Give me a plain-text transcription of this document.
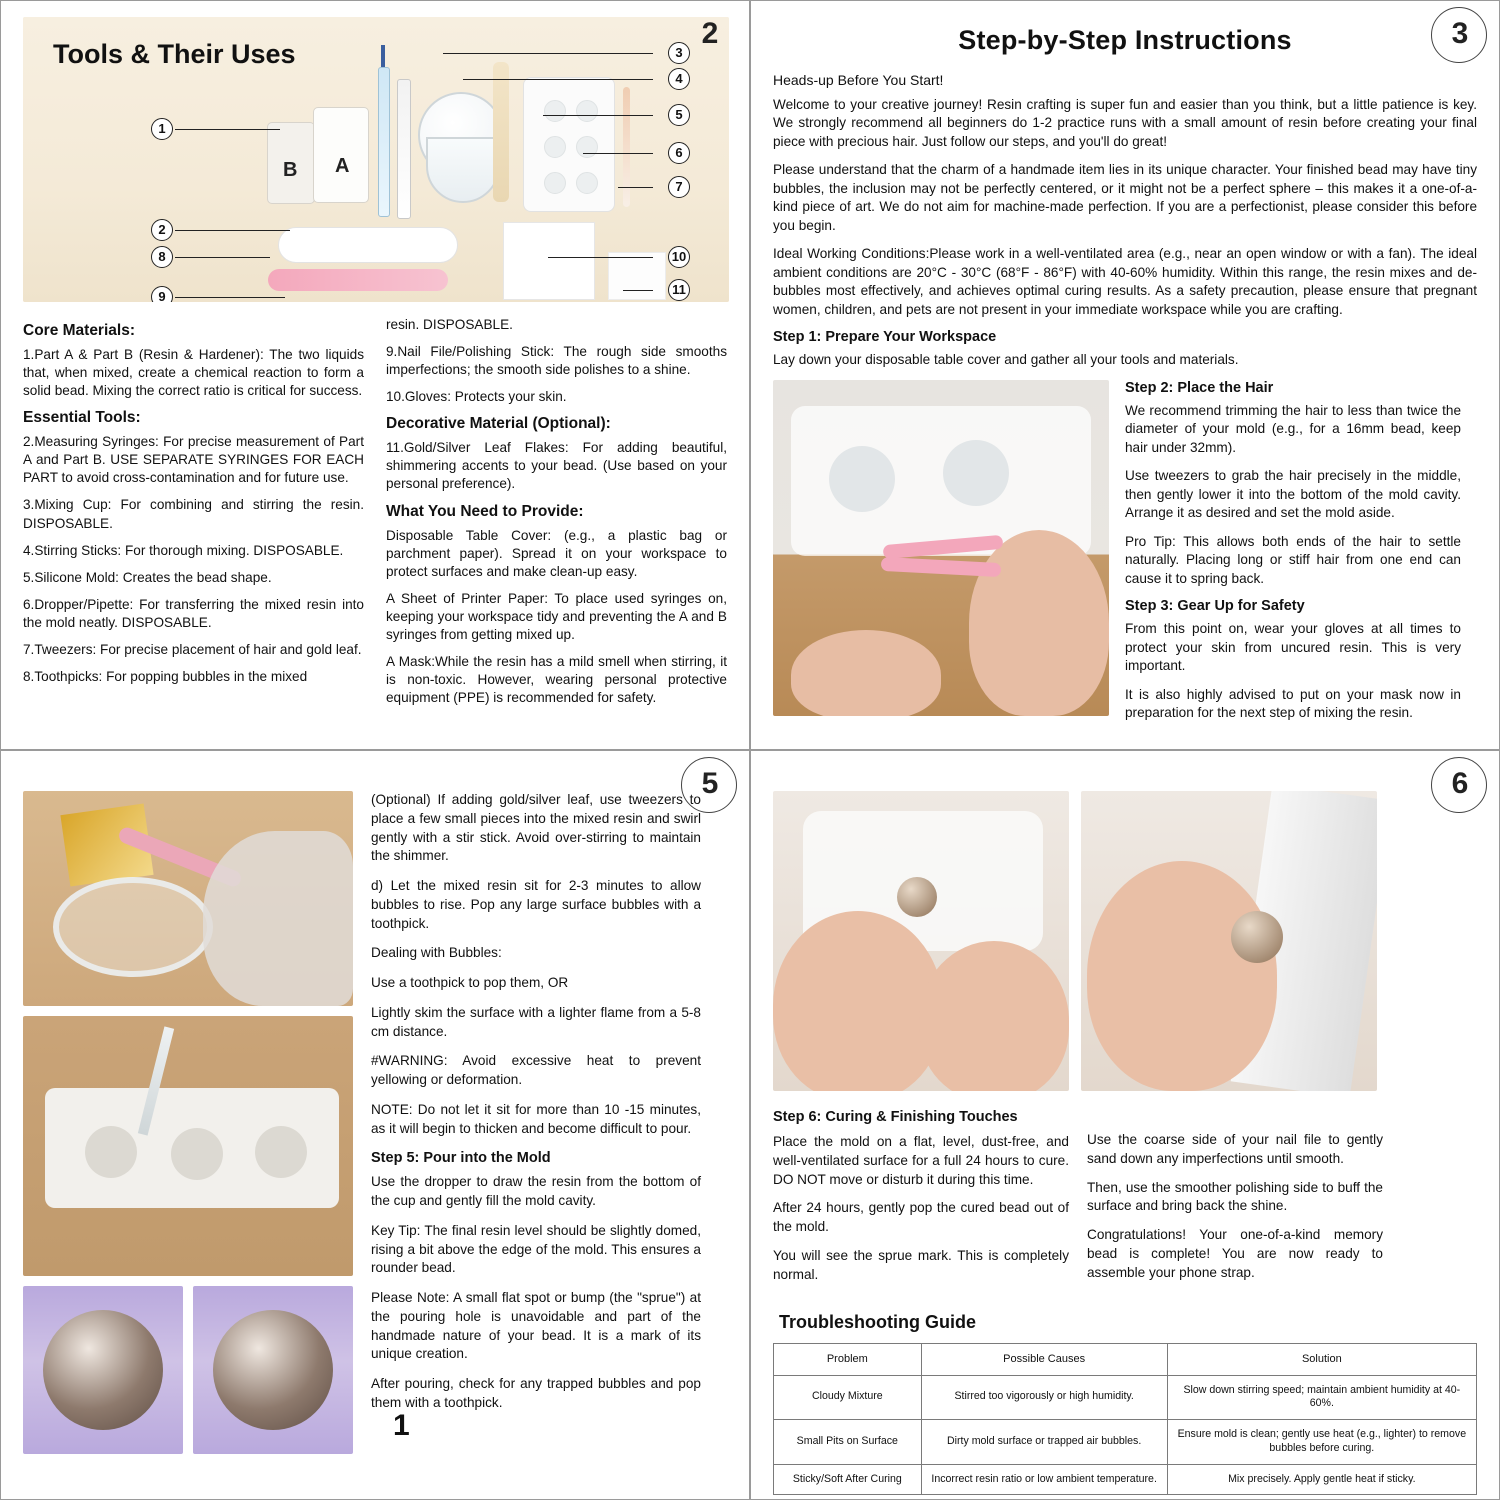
2
Tools & Their Uses
B A
1
2
8
9
3
4
5
6
7
10
11
Core Materials:
1.Part A & Part B (Resin & Hardener): The two liquids that, when mixed, create a chemical reaction to form a solid bead. Mixing the correct ratio is critical for success.
Essential Tools:
2.Measuring Syringes: For precise measurement of Part A and Part B. USE SEPARATE SYRINGES FOR EACH PART to avoid cross-contamination and for future use.
3.Mixing Cup: For combining and stirring the resin. DISPOSABLE.
4.Stirring Sticks: For thorough mixing. DISPOSABLE.
5.Silicone Mold: Creates the bead shape.
6.Dropper/Pipette: For transferring the mixed resin into the mold neatly. DISPOSABLE.
7.Tweezers: For precise placement of hair and gold leaf.
8.Toothpicks: For popping bubbles in the mixed
resin. DISPOSABLE.
9.Nail File/Polishing Stick: The rough side smooths imperfections; the smooth side polishes to a shine.
10.Gloves: Protects your skin.
Decorative Material (Optional):
11.Gold/Silver Leaf Flakes: For adding beautiful, shimmering accents to your bead. (Use based on your personal preference).
What You Need to Provide:
Disposable Table Cover: (e.g., a plastic bag or parchment paper). Spread it on your workspace to protect surfaces and make clean-up easy.
A Sheet of Printer Paper: To place used syringes on, keeping your workspace tidy and preventing the A and B syringes from getting mixed up.
A Mask:While the resin has a mild smell when stirring, it is non-toxic. However, wearing personal protective equipment (PPE) is recommended for safety.
3
Step-by-Step Instructions
Heads-up Before You Start!
Welcome to your creative journey! Resin crafting is super fun and easier than you think, but a little patience is key. We strongly recommend all beginners do 1-2 practice runs with a small amount of resin before creating your final piece with precious hair. Just follow our steps, and you'll do great!
Please understand that the charm of a handmade item lies in its unique character. Your finished bead may have tiny bubbles, the inclusion may not be perfectly centered, or it might not be a perfect sphere – this makes it a one-of-a-kind piece of art. We do not aim for machine-made perfection. If you are a perfectionist, please consider this before you begin.
Ideal Working Conditions:Please work in a well-ventilated area (e.g., near an open window or with a fan). The ideal ambient conditions are 20°C - 30°C (68°F - 86°F) with 40-60% humidity. Within this range, the resin mixes and de-bubbles most effectively, and achieves optimal curing results. As a safety precaution, please ensure that pregnant women, children, and pets are not present in your immediate workspace while you are crafting.
Step 1: Prepare Your Workspace
Lay down your disposable table cover and gather all your tools and materials.
Step 2: Place the Hair
We recommend trimming the hair to less than twice the diameter of your mold (e.g., for a 16mm bead, keep hair under 32mm).
Use tweezers to grab the hair precisely in the middle, then gently lower it into the bottom of the mold cavity. Arrange it as desired and set the mold aside.
Pro Tip: This allows both ends of the hair to settle naturally. Placing long or stiff hair from one end can cause it to spring back.
Step 3: Gear Up for Safety
From this point on, wear your gloves at all times to protect your skin from uncured resin. This is very important.
It is also highly advised to put on your mask now in preparation for the next step of mixing the resin.
5
(Optional) If adding gold/silver leaf, use tweezers to place a few small pieces into the mixed resin and swirl gently with a stir stick. Avoid over-stirring to maintain the shimmer.
d) Let the mixed resin sit for 2-3 minutes to allow bubbles to rise. Pop any large surface bubbles with a toothpick.
Dealing with Bubbles:
Use a toothpick to pop them, OR
Lightly skim the surface with a lighter flame from a 5-8 cm distance.
#WARNING: Avoid excessive heat to prevent yellowing or deformation.
NOTE: Do not let it sit for more than 10 -15 minutes, as it will begin to thicken and become difficult to pour.
Step 5: Pour into the Mold
Use the dropper to draw the resin from the bottom of the cup and gently fill the mold cavity.
Key Tip: The final resin level should be slightly domed, rising a bit above the edge of the mold. This ensures a rounder bead.
Please Note: A small flat spot or bump (the "sprue") at the pouring hole is unavoidable and part of the handmade nature of your bead. It is a mark of its unique creation.
After pouring, check for any trapped bubbles and pop them with a toothpick.
1
6
Step 6: Curing & Finishing Touches
Place the mold on a flat, level, dust-free, and well-ventilated surface for a full 24 hours to cure. DO NOT move or disturb it during this time.
After 24 hours, gently pop the cured bead out of the mold.
You will see the sprue mark. This is completely normal.
Use the coarse side of your nail file to gently sand down any imperfections until smooth.
Then, use the smoother polishing side to buff the surface and bring back the shine.
Congratulations! Your one-of-a-kind memory bead is complete! You are now ready to assemble your phone strap.
Troubleshooting Guide
Problem	Possible Causes	Solution
Cloudy Mixture	Stirred too vigorously or high humidity.	Slow down stirring speed; maintain ambient humidity at 40-60%.
Small Pits on Surface	Dirty mold surface or trapped air bubbles.	Ensure mold is clean; gently use heat (e.g., lighter) to remove bubbles before curing.
Sticky/Soft After Curing	Incorrect resin ratio or low ambient temperature.	Mix precisely. Apply gentle heat if sticky.
